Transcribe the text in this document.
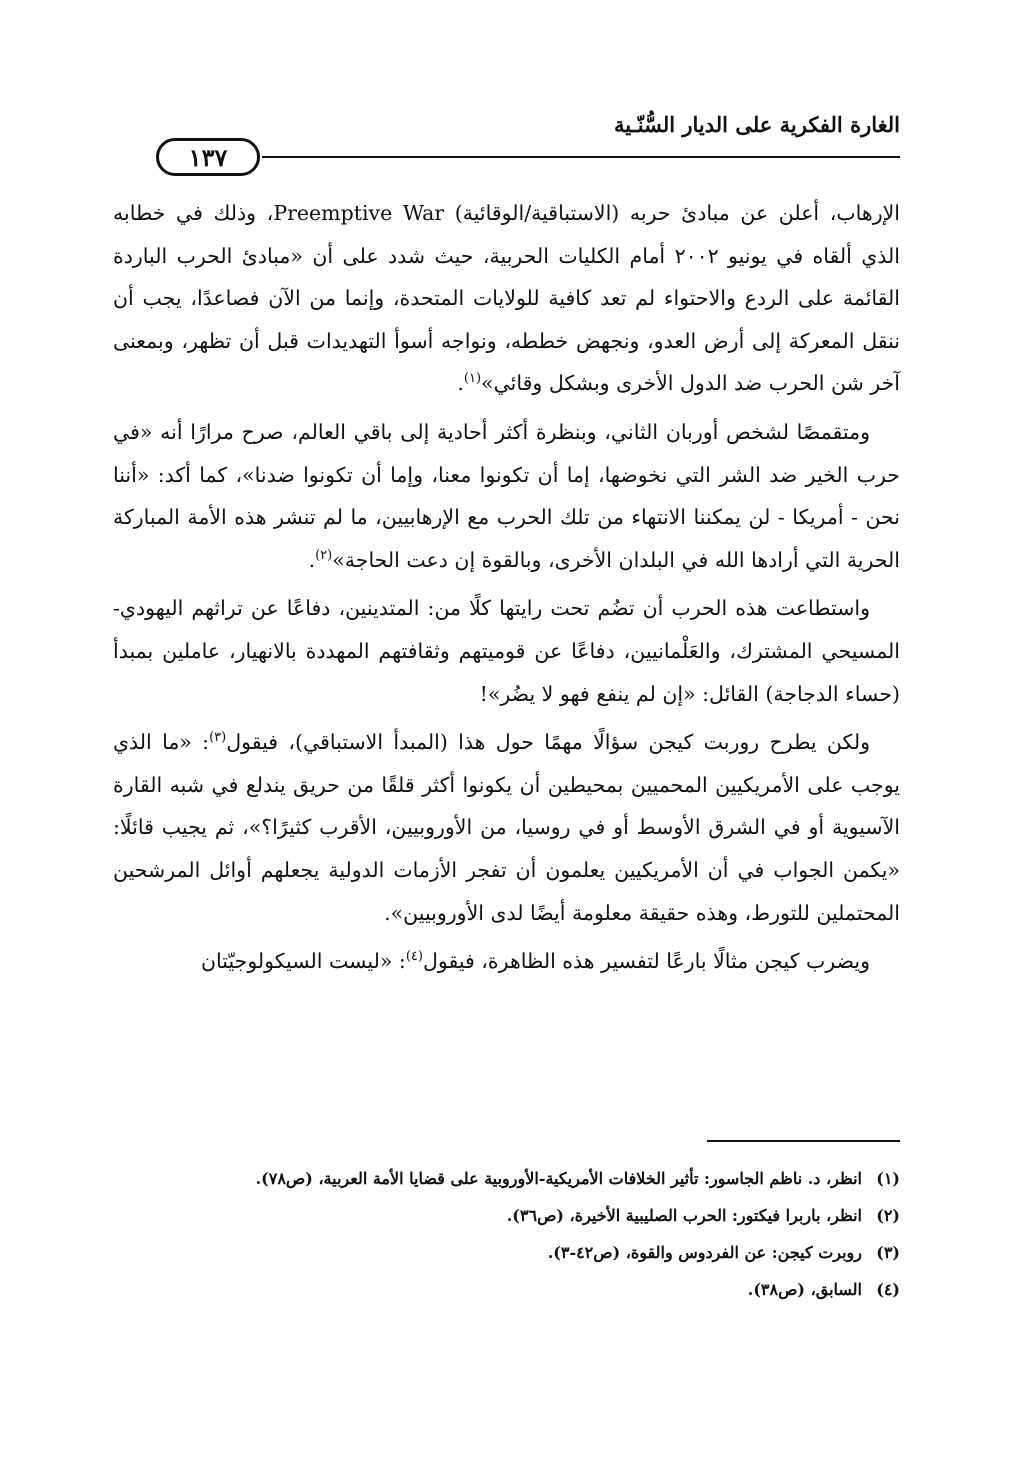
الغارة الفكرية على الديار السُّنّـية
١٣٧

الإرهاب، أعلن عن مبادئ حربه (الاستباقية/الوقائية) Preemptive War، وذلك في خطابه الذي ألقاه في يونيو ٢٠٠٢ أمام الكليات الحربية، حيث شدد على أن «مبادئ الحرب الباردة القائمة على الردع والاحتواء لم تعد كافية للولايات المتحدة، وإنما من الآن فصاعدًا، يجب أن ننقل المعركة إلى أرض العدو، ونجهض خططه، ونواجه أسوأ التهديدات قبل أن تظهر، وبمعنى آخر شن الحرب ضد الدول الأخرى وبشكل وقائي»$^{(١)}$.

ومتقمصًا لشخص أوربان الثاني، وبنظرة أكثر أحادية إلى باقي العالم، صرح مرارًا أنه «في حرب الخير ضد الشر التي نخوضها، إما أن تكونوا معنا، وإما أن تكونوا ضدنا»، كما أكد: «أننا نحن - أمريكا - لن يمكننا الانتهاء من تلك الحرب مع الإرهابيين، ما لم تنشر هذه الأمة المباركة الحرية التي أرادها الله في البلدان الأخرى، وبالقوة إن دعت الحاجة»$^{(٢)}$.

واستطاعت هذه الحرب أن تضُم تحت رايتها كلًا من: المتدينين، دفاعًا عن تراثهم اليهودي-المسيحي المشترك، والعَلْمانيين، دفاعًا عن قوميتهم وثقافتهم المهددة بالانهيار، عاملين بمبدأ (حساء الدجاجة) القائل: «إن لم ينفع فهو لا يضُر»!

ولكن يطرح روربت كيجن سؤالًا مهمًا حول هذا (المبدأ الاستباقي)، فيقول$^{(٣)}$: «ما الذي يوجب على الأمريكيين المحميين بمحيطين أن يكونوا أكثر قلقًا من حريق يندلع في شبه القارة الآسيوية أو في الشرق الأوسط أو في روسيا، من الأوروبيين، الأقرب كثيرًا؟»، ثم يجيب قائلًا: «يكمن الجواب في أن الأمريكيين يعلمون أن تفجر الأزمات الدولية يجعلهم أوائل المرشحين المحتملين للتورط، وهذه حقيقة معلومة أيضًا لدى الأوروبيين».

ويضرب كيجن مثالًا بارعًا لتفسير هذه الظاهرة، فيقول$^{(٤)}$: «ليست السيكولوجيّتان

(١)انظر، د. ناظم الجاسور: تأثير الخلافات الأمريكية-الأوروبية على قضايا الأمة العربية، (ص٧٨).
(٢)انظر، باربرا فيكتور: الحرب الصليبية الأخيرة، (ص٣٦).
(٣)روبرت كيجن: عن الفردوس والقوة، (ص٤٢-٣).
(٤)السابق، (ص٣٨).
